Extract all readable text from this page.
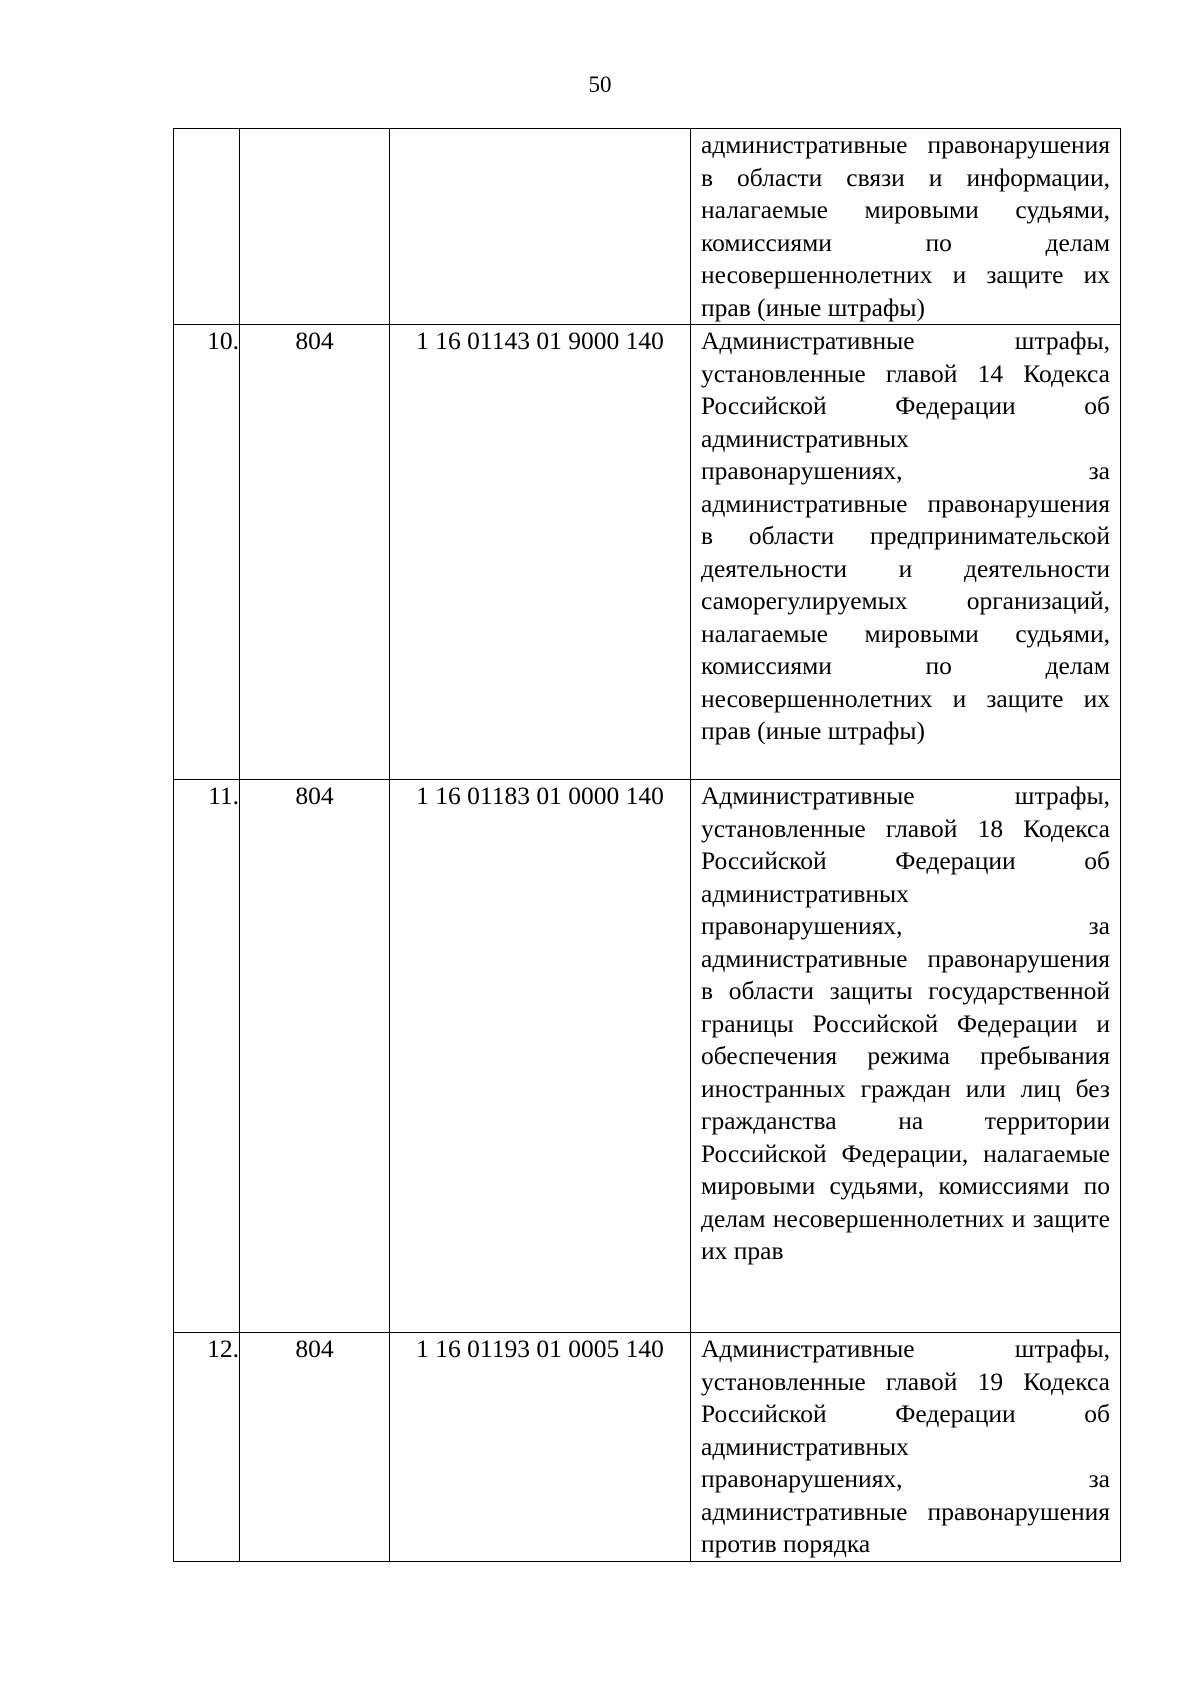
50

			административные правонарушения в области связи и информации, налагаемые мировыми судьями, комиссиями по делам несовершеннолетних и защите их прав (иные штрафы)

10.	804	1 16 01143 01 9000 140	Административные штрафы, установленные главой 14 Кодекса Российской Федерации об административных правонарушениях, за административные правонарушения в области предпринимательской деятельности и деятельности саморегулируемых организаций, налагаемые мировыми судьями, комиссиями по делам несовершеннолетних и защите их прав (иные штрафы)

11.	804	1 16 01183 01 0000 140	Административные штрафы, установленные главой 18 Кодекса Российской Федерации об административных правонарушениях, за административные правонарушения в области защиты государственной границы Российской Федерации и обеспечения режима пребывания иностранных граждан или лиц без гражданства на территории Российской Федерации, налагаемые мировыми судьями, комиссиями по делам несовершеннолетних и защите их прав

12.	804	1 16 01193 01 0005 140	Административные штрафы, установленные главой 19 Кодекса Российской Федерации об административных правонарушениях, за административные правонарушения против порядка
